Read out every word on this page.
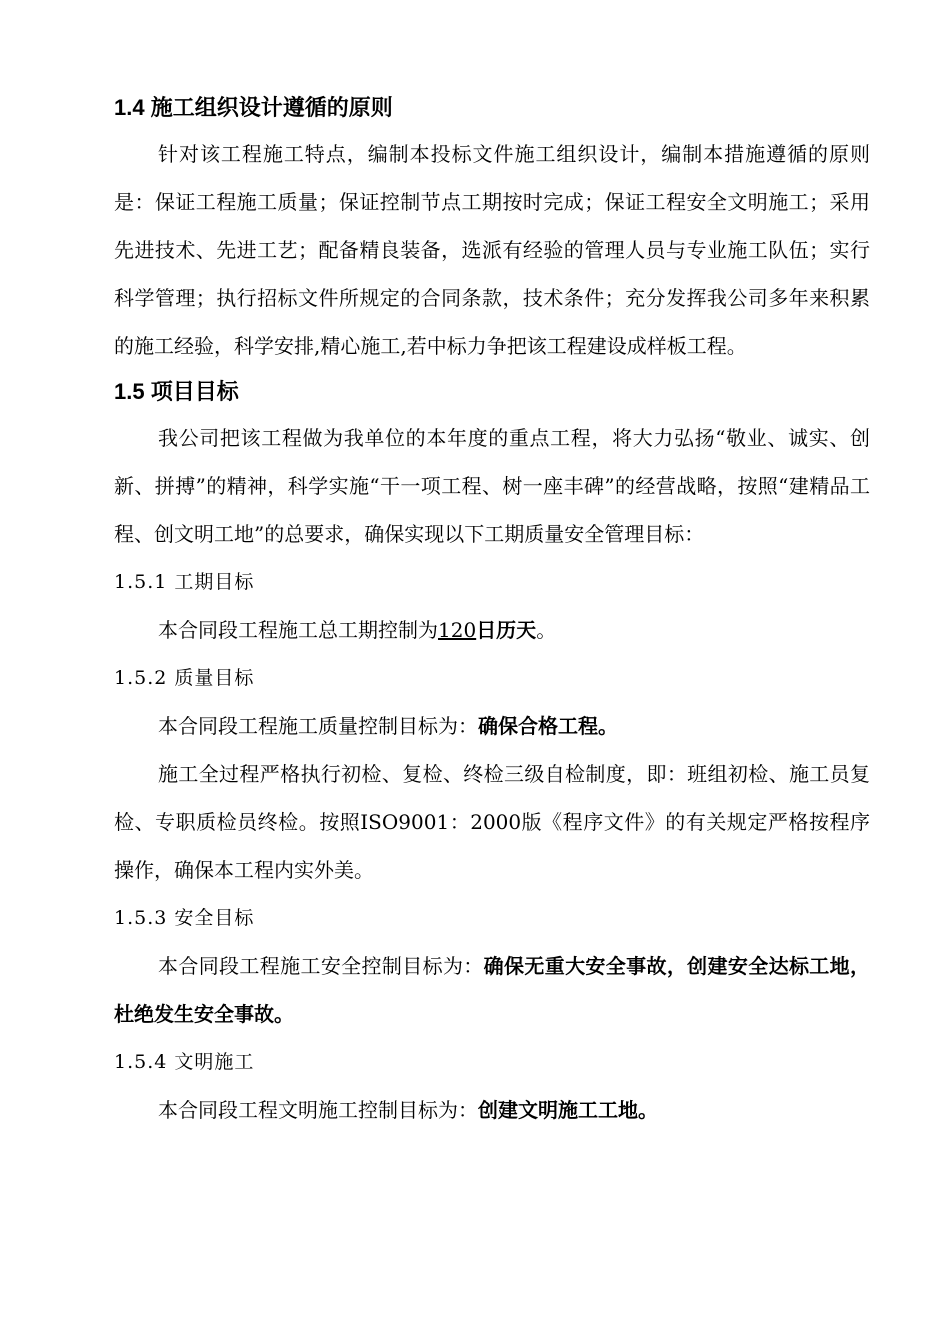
1.4 施工组织设计遵循的原则

针对该工程施工特点，编制本投标文件施工组织设计，编制本措施遵循的原则是：保证工程施工质量；保证控制节点工期按时完成；保证工程安全文明施工；采用先进技术、先进工艺；配备精良装备，选派有经验的管理人员与专业施工队伍；实行科学管理；执行招标文件所规定的合同条款，技术条件；充分发挥我公司多年来积累的施工经验，科学安排,精心施工,若中标力争把该工程建设成样板工程。

1.5 项目目标

我公司把该工程做为我单位的本年度的重点工程，将大力弘扬“敬业、诚实、创新、拼搏”的精神，科学实施“干一项工程、树一座丰碑”的经营战略，按照“建精品工程、创文明工地”的总要求，确保实现以下工期质量安全管理目标：

1.5.1 工期目标

本合同段工程施工总工期控制为120日历天。

1.5.2 质量目标

本合同段工程施工质量控制目标为：确保合格工程。

施工全过程严格执行初检、复检、终检三级自检制度，即：班组初检、施工员复检、专职质检员终检。按照ISO9001：2000版《程序文件》的有关规定严格按程序操作，确保本工程内实外美。

1.5.3 安全目标

本合同段工程施工安全控制目标为：确保无重大安全事故，创建安全达标工地，杜绝发生安全事故。

1.5.4 文明施工

本合同段工程文明施工控制目标为：创建文明施工工地。
